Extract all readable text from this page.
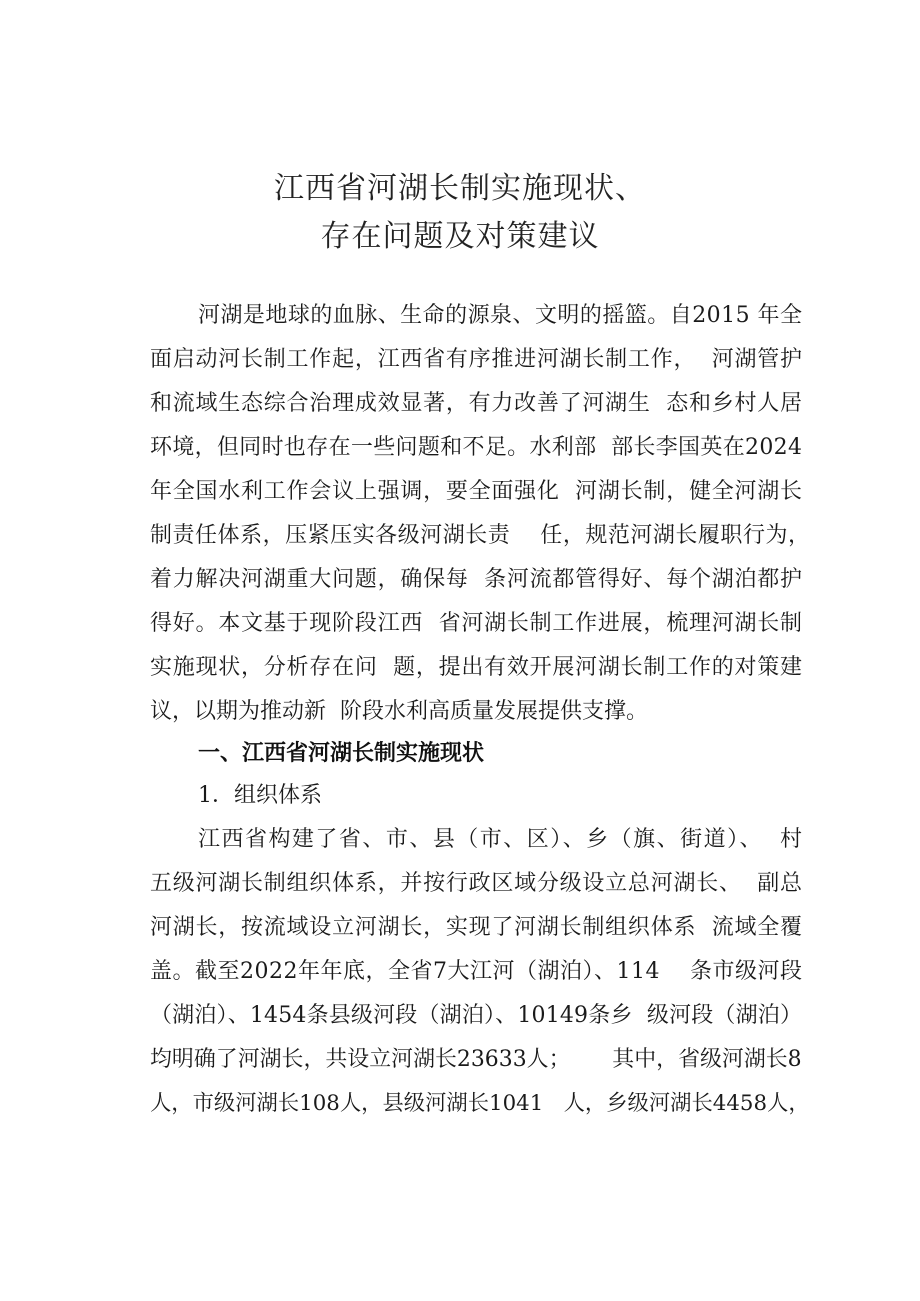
江西省河湖长制实施现状、
存在问题及对策建议
河湖是地球的血脉、生命的源泉、文明的摇篮。自2015 年全
面启动河长制工作起，江西省有序推进河湖长制工作，  河湖管护
和流域生态综合治理成效显著，有力改善了河湖生  态和乡村人居
环境，但同时也存在一些问题和不足。水利部  部长李国英在2024
年全国水利工作会议上强调，要全面强化  河湖长制，健全河湖长
制责任体系，压紧压实各级河湖长责    任，规范河湖长履职行为，
着力解决河湖重大问题，确保每  条河流都管得好、每个湖泊都护
得好。本文基于现阶段江西  省河湖长制工作进展，梳理河湖长制
实施现状，分析存在问  题，提出有效开展河湖长制工作的对策建
议，以期为推动新  阶段水利高质量发展提供支撑。
一、江西省河湖长制实施现状
1．组织体系
江西省构建了省、市、县（市、区）、乡（旗、街道）、  村
五级河湖长制组织体系，并按行政区域分级设立总河湖长、  副总
河湖长，按流域设立河湖长，实现了河湖长制组织体系  流域全覆
盖。截至2022年年底，全省7大江河（湖泊）、114    条市级河段
（湖泊）、1454条县级河段（湖泊）、10149条乡  级河段（湖泊）
均明确了河湖长，共设立河湖长23633人；      其中，省级河湖长8
人，市级河湖长108人，县级河湖长1041   人，乡级河湖长4458人，
